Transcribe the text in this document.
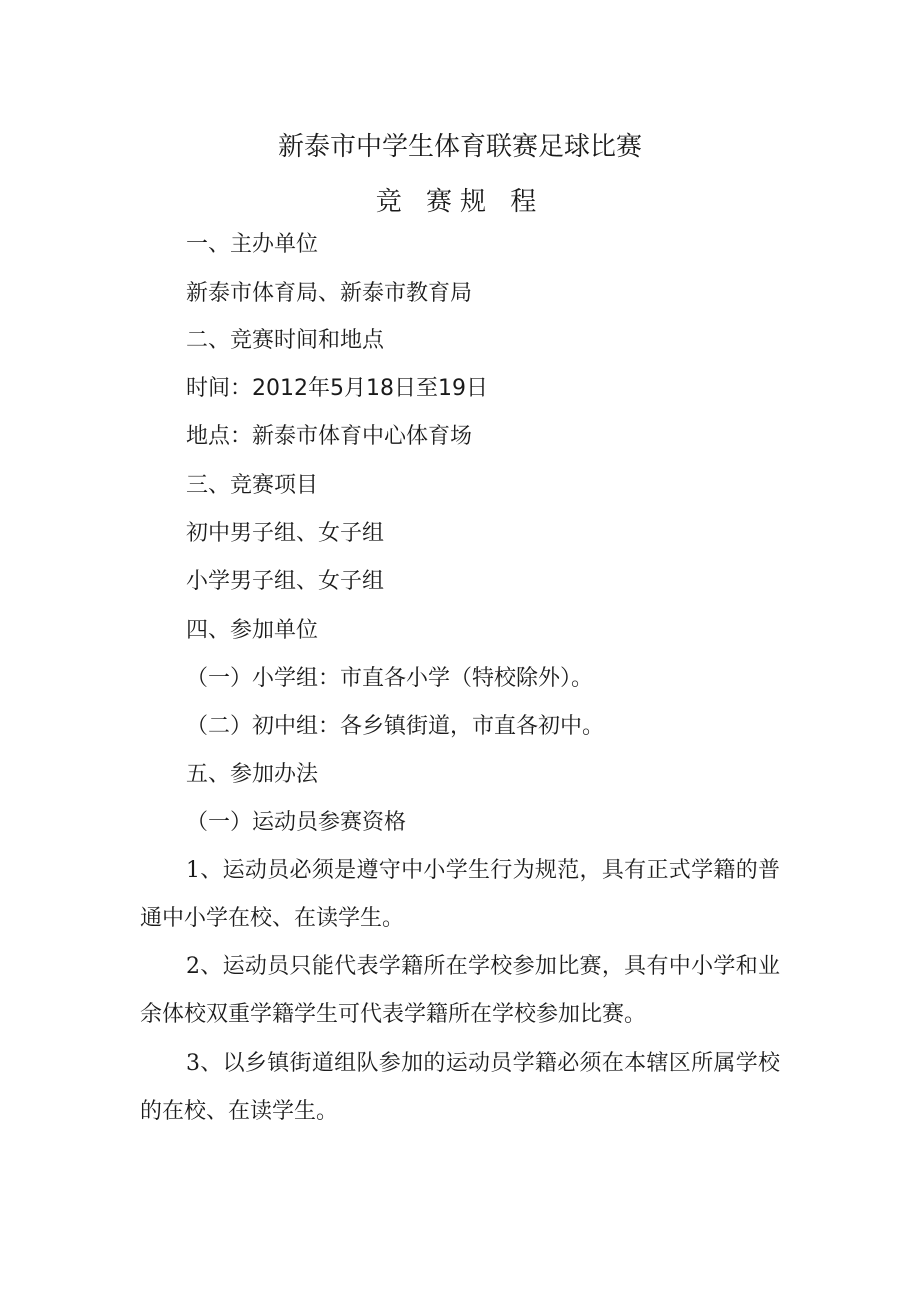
新泰市中学生体育联赛足球比赛
竞 赛规 程

一、主办单位

新泰市体育局、新泰市教育局

二、竞赛时间和地点

时间：2012年5月18日至19日

地点：新泰市体育中心体育场

三、竞赛项目

初中男子组、女子组

小学男子组、女子组

四、参加单位

（一）小学组：市直各小学（特校除外）。

（二）初中组：各乡镇街道，市直各初中。

五、参加办法

（一）运动员参赛资格

1、运动员必须是遵守中小学生行为规范，具有正式学籍的普通中小学在校、在读学生。

2、运动员只能代表学籍所在学校参加比赛，具有中小学和业余体校双重学籍学生可代表学籍所在学校参加比赛。

3、以乡镇街道组队参加的运动员学籍必须在本辖区所属学校的在校、在读学生。
